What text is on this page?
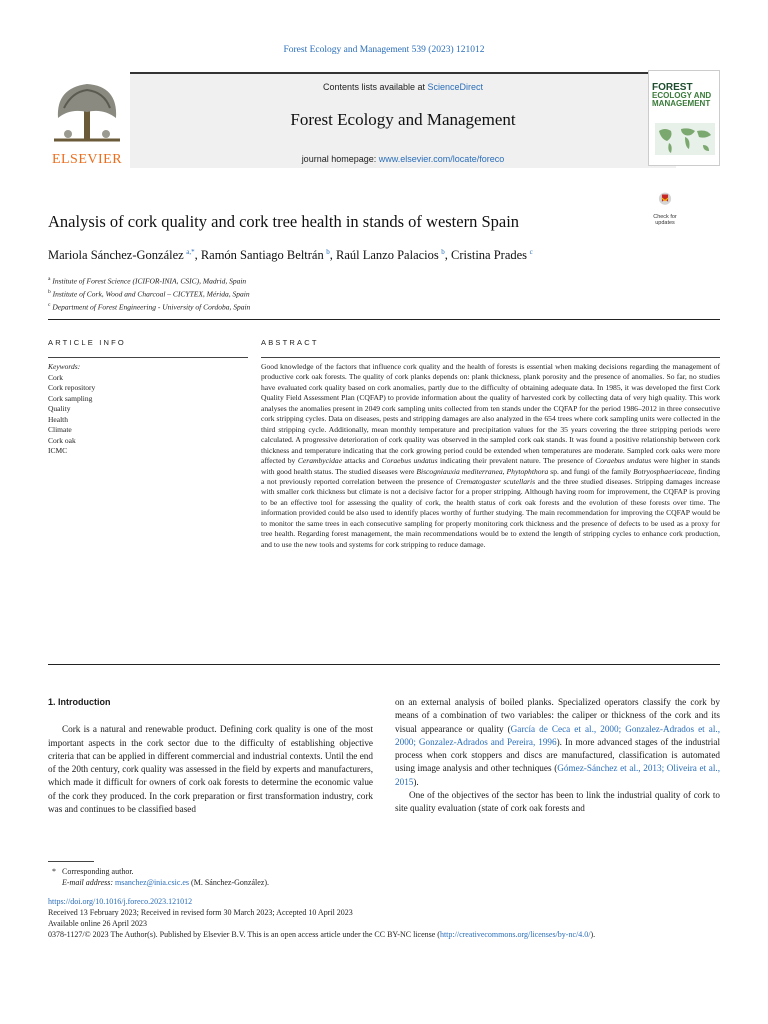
Forest Ecology and Management 539 (2023) 121012
ELSEVIER
Contents lists available at ScienceDirect
Forest Ecology and Management
journal homepage: www.elsevier.com/locate/foreco
FOREST
ECOLOGY AND
MANAGEMENT
Analysis of cork quality and cork tree health in stands of western Spain	Check for
updates
Mariola Sánchez-González  $^{a,*}$, Ramón Santiago Beltrán  $^b$, Raúl Lanzo Palacios  $^b$, Cristina Prades  $^c$
$^a$ Institute of Forest Science (ICIFOR-INIA, CSIC), Madrid, Spain
$^b$ Institute of Cork, Wood and Charcoal – CICYTEX, Mérida, Spain
$^c$ Department of Forest Engineering - University of Cordoba, Spain
ARTICLE INFO	ABSTRACT
Keywords:
Cork
Cork repository
Cork sampling
Quality
Health
Climate
Cork oak
ICMC
Good knowledge of the factors that influence cork quality and the health of forests is essential when making decisions regarding the management of productive cork oak forests. The quality of cork planks depends on: plank thickness, plank porosity and the presence of anomalies. So far, no studies have evaluated cork quality based on cork anomalies, partly due to the difficulty of obtaining adequate data. In 1985, it was developed the first Cork Quality Field Assessment Plan (CQFAP) to provide information about the quality of harvested cork by collecting data of very high quality. This work analyses the anomalies present in 2049 cork sampling units collected from ten stands under the CQFAP for the period 1986–2012 in three consecutive cork stripping cycles. Data on diseases, pests and stripping damages are also analyzed in the 654 trees where cork sampling units were collected in the third stripping cycle. Additionally, mean monthly temperature and precipitation values for the 35 years covering the three stripping periods were calculated. A progressive deterioration of cork quality was observed in the sampled cork oak stands. It was found a positive relationship between cork thickness and temperature indicating that the cork growing period could be extended when temperatures are moderate. Sampled cork oaks were more affected by Cerambycidae attacks and Coraebus undatus indicating their prevalent nature. The presence of Coraebus undatus were higher in stands with good health status. The studied diseases were Biscogniauxia mediterranea, Phytophthora sp. and fungi of the family Botryosphaeriaceae, finding a not previously reported correlation between the presence of Crematogaster scutellaris and the three studied diseases. Stripping damages increase with smaller cork thickness but climate is not a decisive factor for a proper stripping. Although having room for improvement, the CQFAP is proving to be an effective tool for assessing the quality of cork, the health status of cork oak forests and the evolution of these forests over time. The information provided could be also used to identify places worthy of further studying. The main recommendation for improving the CQFAP would be to monitor the same trees in each consecutive sampling for properly monitoring cork thickness and the presence of defects to be used as a proxy for tree health. Regarding forest management, the main recommendations would be to extend the length of stripping cycles to enhance cork production, and to use the new tools and systems for cork stripping to reduce damage.
1. Introduction

Cork is a natural and renewable product. Defining cork quality is one of the most important aspects in the cork sector due to the difficulty of establishing objective criteria that can be applied in different commercial and industrial contexts. Until the end of the 20th century, cork quality was assessed in the field by experts and manufacturers, which made it difficult for owners of cork oak forests to determine the economic value of the cork they produced. In the cork preparation or first transformation industry, cork was and continues to be classified based

on an external analysis of boiled planks. Specialized operators classify the cork by means of a combination of two variables: the caliper or thickness of the cork and its visual appearance or quality (García de Ceca et al., 2000; Gonzalez-Adrados et al., 2000; Gonzalez-Adrados and Pereira, 1996). In more advanced stages of the industrial process when cork stoppers and discs are manufactured, classification is automated using image analysis and other techniques (Gómez-Sánchez et al., 2013; Oliveira et al., 2015).

One of the objectives of the sector has been to link the industrial quality of cork to site quality evaluation (state of cork oak forests and

*   Corresponding author.
E-mail address: msanchez@inia.csic.es (M. Sánchez-González).
https://doi.org/10.1016/j.foreco.2023.121012
Received 13 February 2023; Received in revised form 30 March 2023; Accepted 10 April 2023
Available online 26 April 2023
0378-1127/© 2023 The Author(s). Published by Elsevier B.V. This is an open access article under the CC BY-NC license (http://creativecommons.org/licenses/by-nc/4.0/).
